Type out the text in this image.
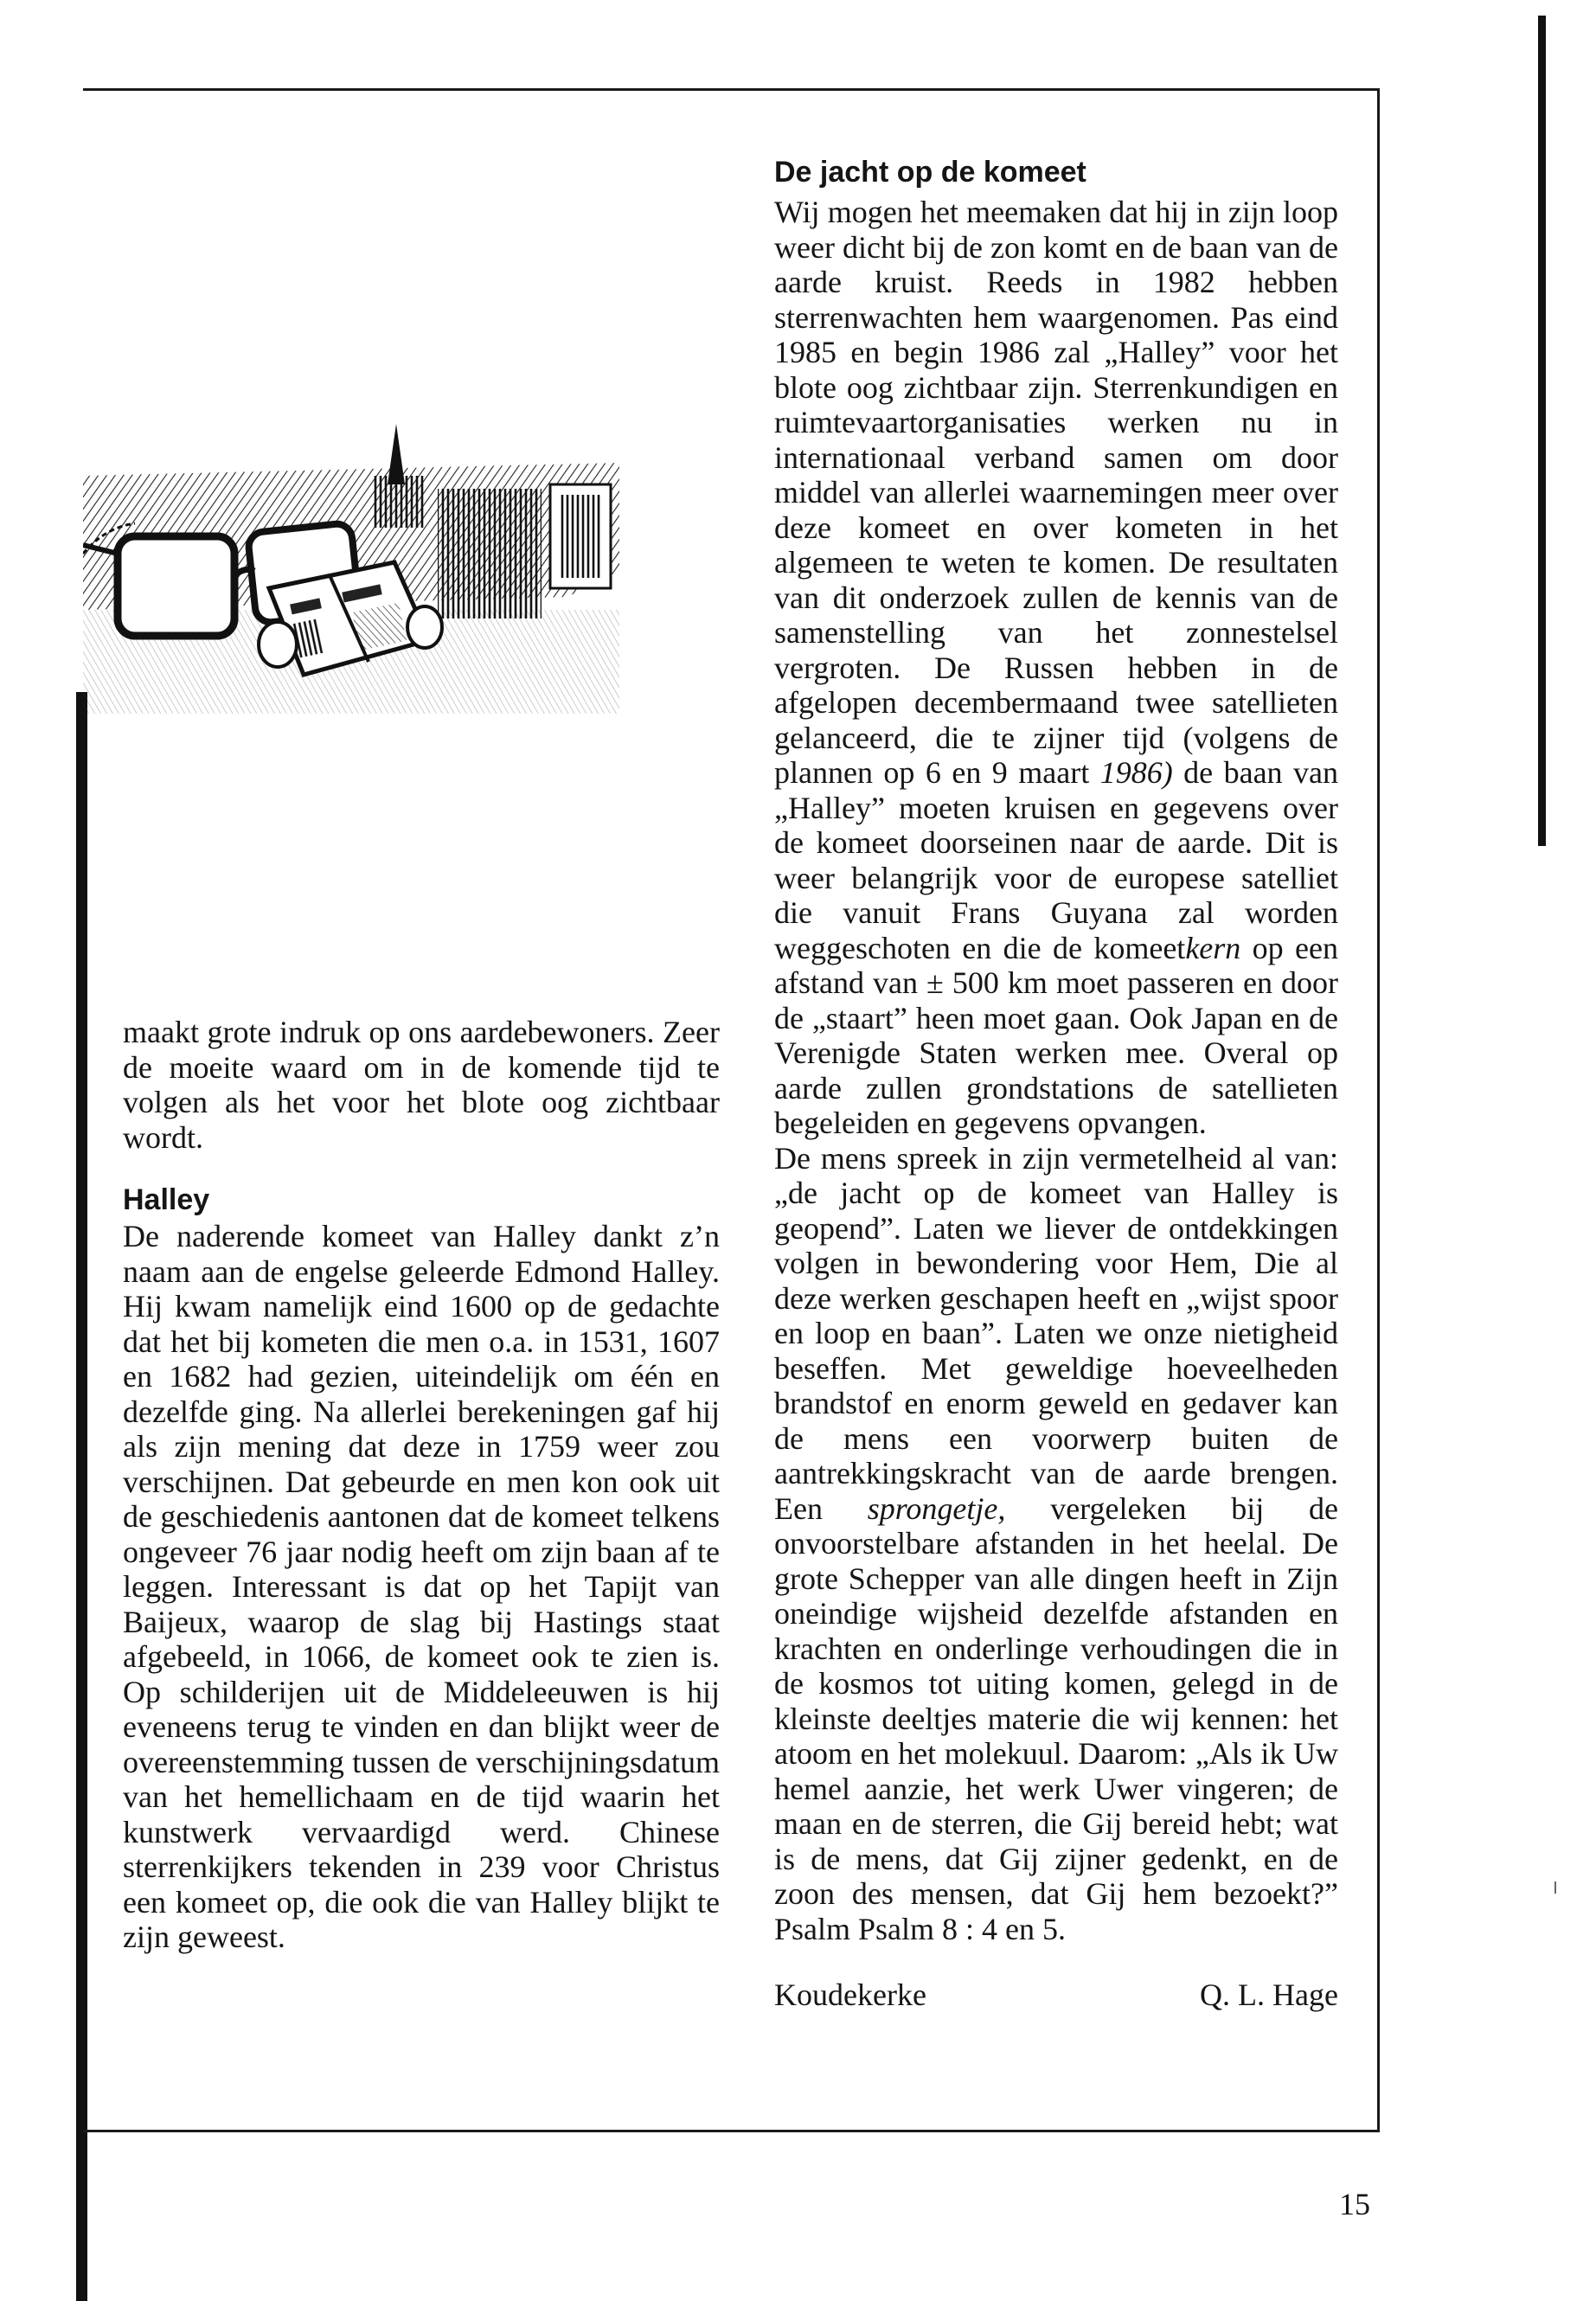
maakt grote indruk op ons aardebewoners. Zeer de moeite waard om in de komende tijd te volgen als het voor het blote oog zichtbaar wordt.

Halley

De naderende komeet van Halley dankt z’n naam aan de engelse geleerde Edmond Halley. Hij kwam namelijk eind 1600 op de gedachte dat het bij kometen die men o.a. in 1531, 1607 en 1682 had gezien, uiteindelijk om één en dezelfde ging. Na allerlei berekeningen gaf hij als zijn mening dat deze in 1759 weer zou verschijnen. Dat gebeurde en men kon ook uit de geschiedenis aantonen dat de komeet telkens ongeveer 76 jaar nodig heeft om zijn baan af te leggen. Interessant is dat op het Tapijt van Baijeux, waarop de slag bij Hastings staat afgebeeld, in 1066, de komeet ook te zien is. Op schilderijen uit de Middeleeuwen is hij eveneens terug te vinden en dan blijkt weer de overeenstemming tussen de verschijningsdatum van het hemellichaam en de tijd waarin het kunstwerk vervaardigd werd. Chinese sterrenkijkers tekenden in 239 voor Christus een komeet op, die ook die van Halley blijkt te zijn geweest.

De jacht op de komeet

Wij mogen het meemaken dat hij in zijn loop weer dicht bij de zon komt en de baan van de aarde kruist. Reeds in 1982 hebben sterrenwachten hem waargenomen. Pas eind 1985 en begin 1986 zal „Halley” voor het blote oog zichtbaar zijn. Sterrenkundigen en ruimtevaartorganisaties werken nu in internationaal verband samen om door middel van allerlei waarnemingen meer over deze komeet en over kometen in het algemeen te weten te komen. De resultaten van dit onderzoek zullen de kennis van de samenstelling van het zonnestelsel vergroten. De Russen hebben in de afgelopen decembermaand twee satellieten gelanceerd, die te zijner tijd (volgens de plannen op 6 en 9 maart 1986) de baan van „Halley” moeten kruisen en gegevens over de komeet doorseinen naar de aarde. Dit is weer belangrijk voor de europese satelliet die vanuit Frans Guyana zal worden weggeschoten en die de komeetkern op een afstand van ± 500 km moet passeren en door de „staart” heen moet gaan. Ook Japan en de Verenigde Staten werken mee. Overal op aarde zullen grondstations de satellieten begeleiden en gegevens opvangen.

De mens spreek in zijn vermetelheid al van: „de jacht op de komeet van Halley is geopend”. Laten we liever de ontdekkingen volgen in bewondering voor Hem, Die al deze werken geschapen heeft en „wijst spoor en loop en baan”. Laten we onze nietigheid beseffen. Met geweldige hoeveelheden brandstof en enorm geweld en gedaver kan de mens een voorwerp buiten de aantrekkingskracht van de aarde brengen. Een sprongetje, vergeleken bij de onvoorstelbare afstanden in het heelal. De grote Schepper van alle dingen heeft in Zijn oneindige wijsheid dezelfde afstanden en krachten en onderlinge verhoudingen die in de kosmos tot uiting komen, gelegd in de kleinste deeltjes materie die wij kennen: het atoom en het molekuul. Daarom: „Als ik Uw hemel aanzie, het werk Uwer vingeren; de maan en de sterren, die Gij bereid hebt; wat is de mens, dat Gij zijner gedenkt, en de zoon des mensen, dat Gij hem bezoekt?” Psalm Psalm 8 : 4 en 5.

Koudekerke	Q. L. Hage
15
